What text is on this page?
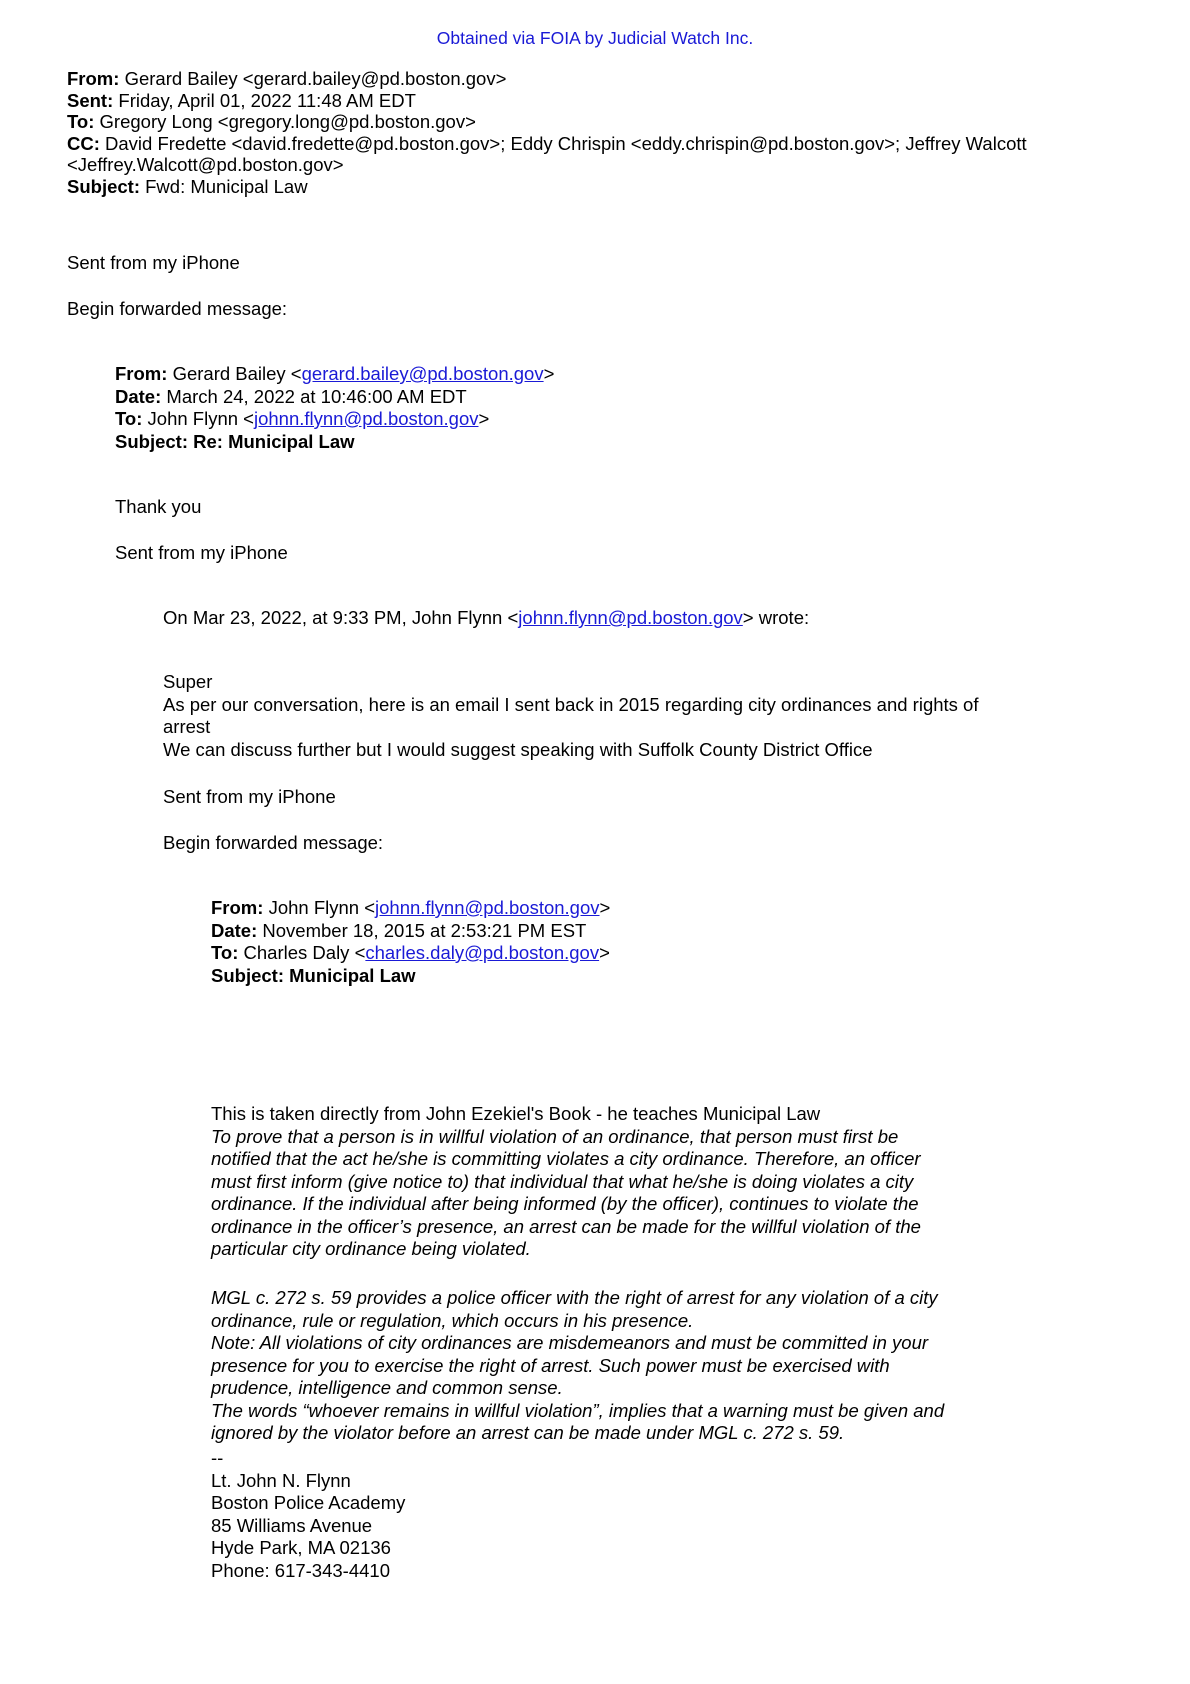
Obtained via FOIA by Judicial Watch Inc.
From: Gerard Bailey <gerard.bailey@pd.boston.gov>
Sent: Friday, April 01, 2022 11:48 AM EDT
To: Gregory Long <gregory.long@pd.boston.gov>
CC: David Fredette <david.fredette@pd.boston.gov>; Eddy Chrispin <eddy.chrispin@pd.boston.gov>; Jeffrey Walcott
<Jeffrey.Walcott@pd.boston.gov>
Subject: Fwd: Municipal Law
Sent from my iPhone
Begin forwarded message:
From: Gerard Bailey <gerard.bailey@pd.boston.gov>
Date: March 24, 2022 at 10:46:00 AM EDT
To: John Flynn <johnn.flynn@pd.boston.gov>
Subject: Re: Municipal Law
Thank you
Sent from my iPhone
On Mar 23, 2022, at 9:33 PM, John Flynn <johnn.flynn@pd.boston.gov> wrote:
Super
As per our conversation, here is an email I sent back in 2015 regarding city ordinances and rights of
arrest
We can discuss further but I would suggest speaking with Suffolk County District Office
Sent from my iPhone
Begin forwarded message:
From: John Flynn <johnn.flynn@pd.boston.gov>
Date: November 18, 2015 at 2:53:21 PM EST
To: Charles Daly <charles.daly@pd.boston.gov>
Subject: Municipal Law
This is taken directly from John Ezekiel's Book - he teaches Municipal Law
To prove that a person is in willful violation of an ordinance, that person must first be
notified that the act he/she is committing violates a city ordinance. Therefore, an officer
must first inform (give notice to) that individual that what he/she is doing violates a city
ordinance. If the individual after being informed (by the officer), continues to violate the
ordinance in the officer’s presence, an arrest can be made for the willful violation of the
particular city ordinance being violated.
MGL c. 272 s. 59 provides a police officer with the right of arrest for any violation of a city
ordinance, rule or regulation, which occurs in his presence.
Note: All violations of city ordinances are misdemeanors and must be committed in your
presence for you to exercise the right of arrest. Such power must be exercised with
prudence, intelligence and common sense.
The words “whoever remains in willful violation”, implies that a warning must be given and
ignored by the violator before an arrest can be made under MGL c. 272 s. 59.
--
Lt. John N. Flynn
Boston Police Academy
85 Williams Avenue
Hyde Park, MA 02136
Phone: 617-343-4410
